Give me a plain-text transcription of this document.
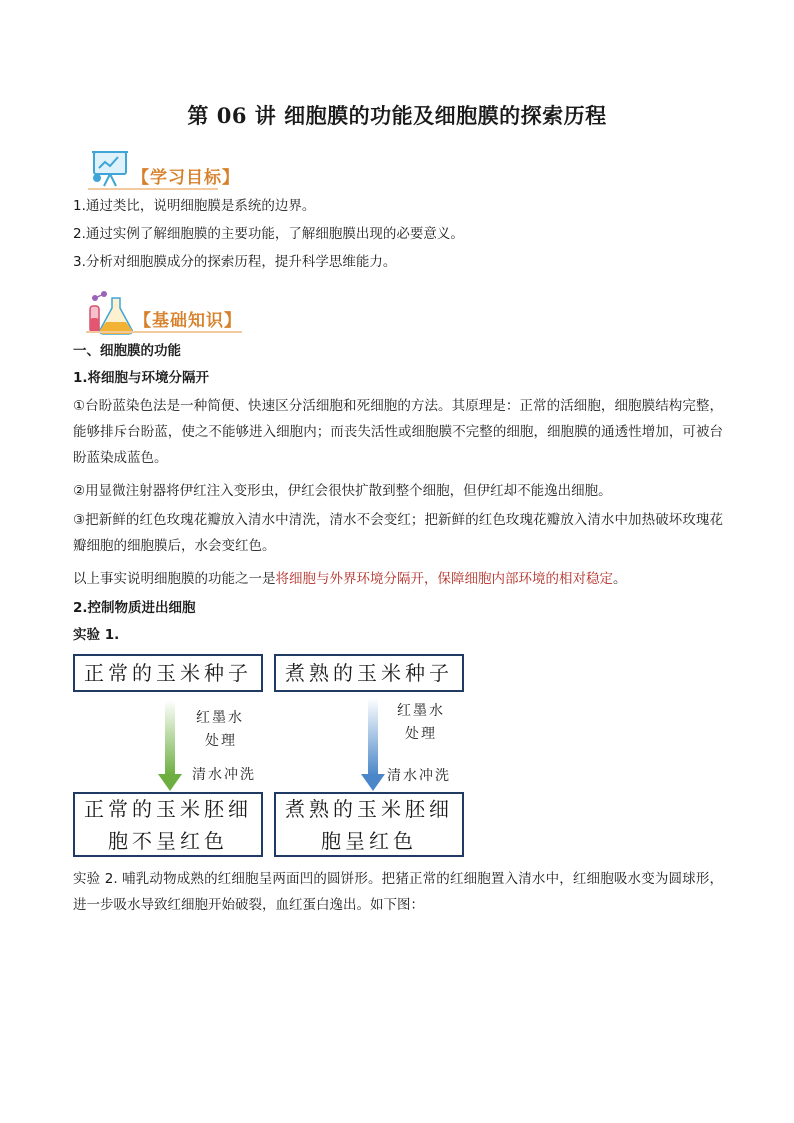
第 06 讲 细胞膜的功能及细胞膜的探索历程
【学习目标】
1.通过类比，说明细胞膜是系统的边界。
2.通过实例了解细胞膜的主要功能，了解细胞膜出现的必要意义。
3.分析对细胞膜成分的探索历程，提升科学思维能力。
【基础知识】
一、细胞膜的功能
1.将细胞与环境分隔开
①台盼蓝染色法是一种简便、快速区分活细胞和死细胞的方法。其原理是：正常的活细胞，细胞膜结构完整，能够排斥台盼蓝，使之不能够进入细胞内；而丧失活性或细胞膜不完整的细胞，细胞膜的通透性增加，可被台盼蓝染成蓝色。
②用显微注射器将伊红注入变形虫，伊红会很快扩散到整个细胞，但伊红却不能逸出细胞。
③把新鲜的红色玫瑰花瓣放入清水中清洗，清水不会变红；把新鲜的红色玫瑰花瓣放入清水中加热破坏玫瑰花瓣细胞的细胞膜后，水会变红色。
以上事实说明细胞膜的功能之一是将细胞与外界环境分隔开，保障细胞内部环境的相对稳定。
2.控制物质进出细胞
实验 1.
正常的玉米种子	煮熟的玉米种子
红墨水
处理
清水冲洗
红墨水
处理
清水冲洗
正常的玉米胚细
胞不呈红色
煮熟的玉米胚细
胞呈红色
实验 2. 哺乳动物成熟的红细胞呈两面凹的圆饼形。把猪正常的红细胞置入清水中，红细胞吸水变为圆球形，进一步吸水导致红细胞开始破裂，血红蛋白逸出。如下图：
